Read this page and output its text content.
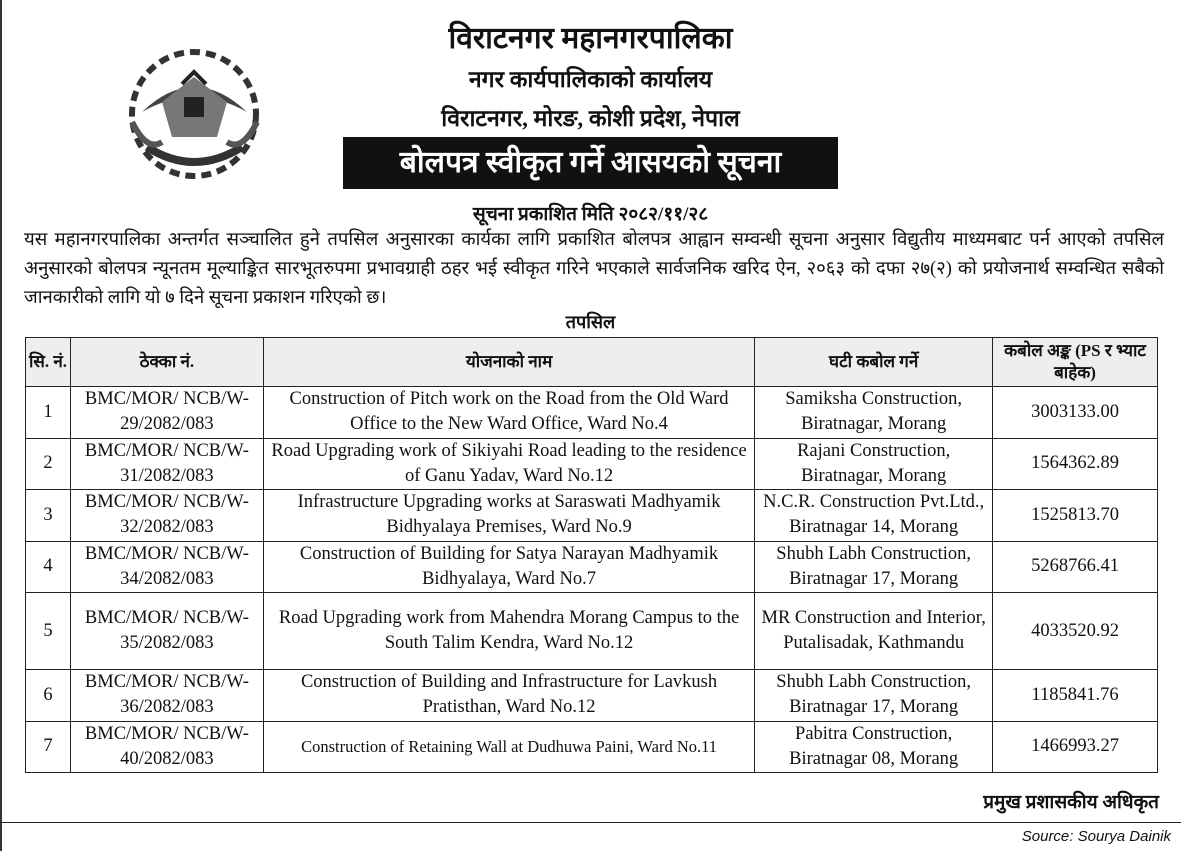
विराटनगर महानगरपालिका
नगर कार्यपालिकाको कार्यालय
विराटनगर, मोरङ, कोशी प्रदेश, नेपाल
बोलपत्र स्वीकृत गर्ने आसयको सूचना
सूचना प्रकाशित मिति २०८२/११/२८
यस महानगरपालिका अन्तर्गत सञ्चालित हुने तपसिल अनुसारका कार्यका लागि प्रकाशित बोलपत्र आह्वान सम्वन्धी सूचना अनुसार विद्युतीय माध्यमबाट पर्न आएको तपसिल अनुसारको बोलपत्र न्यूनतम मूल्याङ्कित सारभूतरुपमा प्रभावग्राही ठहर भई स्वीकृत गरिने भएकाले सार्वजनिक खरिद ऐन, २०६३ को दफा २७(२) को प्रयोजनार्थ सम्वन्धित सबैको जानकारीको लागि यो ७ दिने सूचना प्रकाशन गरिएको छ।
तपसिल
सि. नं.	ठेक्का नं.	योजनाको नाम	घटी कबोल गर्ने	कबोल अङ्क (PS र भ्याट बाहेक)
1	BMC/MOR/ NCB/W-29/2082/083	Construction of Pitch work on the Road from the Old Ward Office to the New Ward Office, Ward No.4	Samiksha Construction, Biratnagar, Morang	3003133.00
2	BMC/MOR/ NCB/W-31/2082/083	Road Upgrading work of Sikiyahi Road leading to the residence of Ganu Yadav, Ward No.12	Rajani Construction, Biratnagar, Morang	1564362.89
3	BMC/MOR/ NCB/W-32/2082/083	Infrastructure Upgrading works at Saraswati Madhyamik Bidhyalaya Premises, Ward No.9	N.C.R. Construction Pvt.Ltd., Biratnagar 14, Morang	1525813.70
4	BMC/MOR/ NCB/W-34/2082/083	Construction of Building for Satya Narayan Madhyamik Bidhyalaya, Ward No.7	Shubh Labh Construction, Biratnagar 17, Morang	5268766.41
5	BMC/MOR/ NCB/W-35/2082/083	Road Upgrading work from Mahendra Morang Campus to the South Talim Kendra, Ward No.12	MR Construction and Interior, Putalisadak, Kathmandu	4033520.92
6	BMC/MOR/ NCB/W-36/2082/083	Construction of Building and Infrastructure for Lavkush Pratisthan, Ward No.12	Shubh Labh Construction, Biratnagar 17, Morang	1185841.76
7	BMC/MOR/ NCB/W-40/2082/083	Construction of Retaining Wall at Dudhuwa Paini, Ward No.11	Pabitra Construction, Biratnagar 08, Morang	1466993.27
प्रमुख प्रशासकीय अधिकृत
Source: Sourya Dainik
